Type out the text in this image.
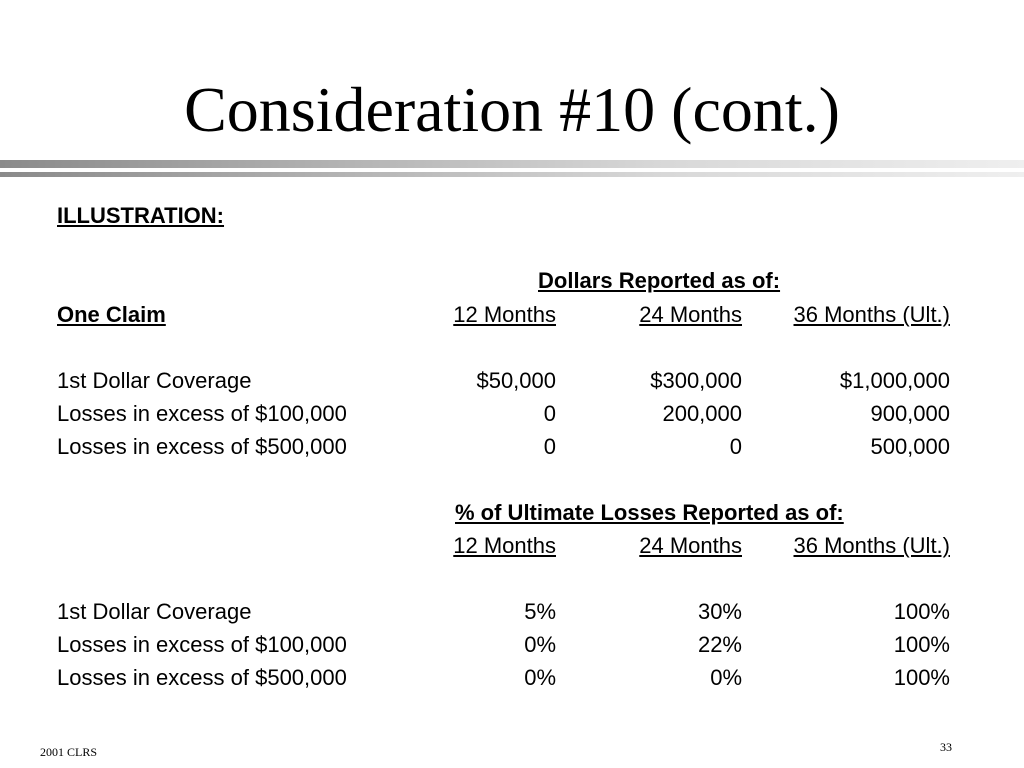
Consideration #10 (cont.)
ILLUSTRATION:
Dollars Reported as of:
One Claim	12 Months	24 Months	36 Months (Ult.)
1st Dollar Coverage	$50,000	$300,000	$1,000,000
Losses in excess of $100,000	0	200,000	900,000
Losses in excess of $500,000	0	0	500,000
% of Ultimate Losses Reported as of:
12 Months	24 Months	36 Months (Ult.)
1st Dollar Coverage	5%	30%	100%
Losses in excess of $100,000	0%	22%	100%
Losses in excess of $500,000	0%	0%	100%
2001 CLRS	33
